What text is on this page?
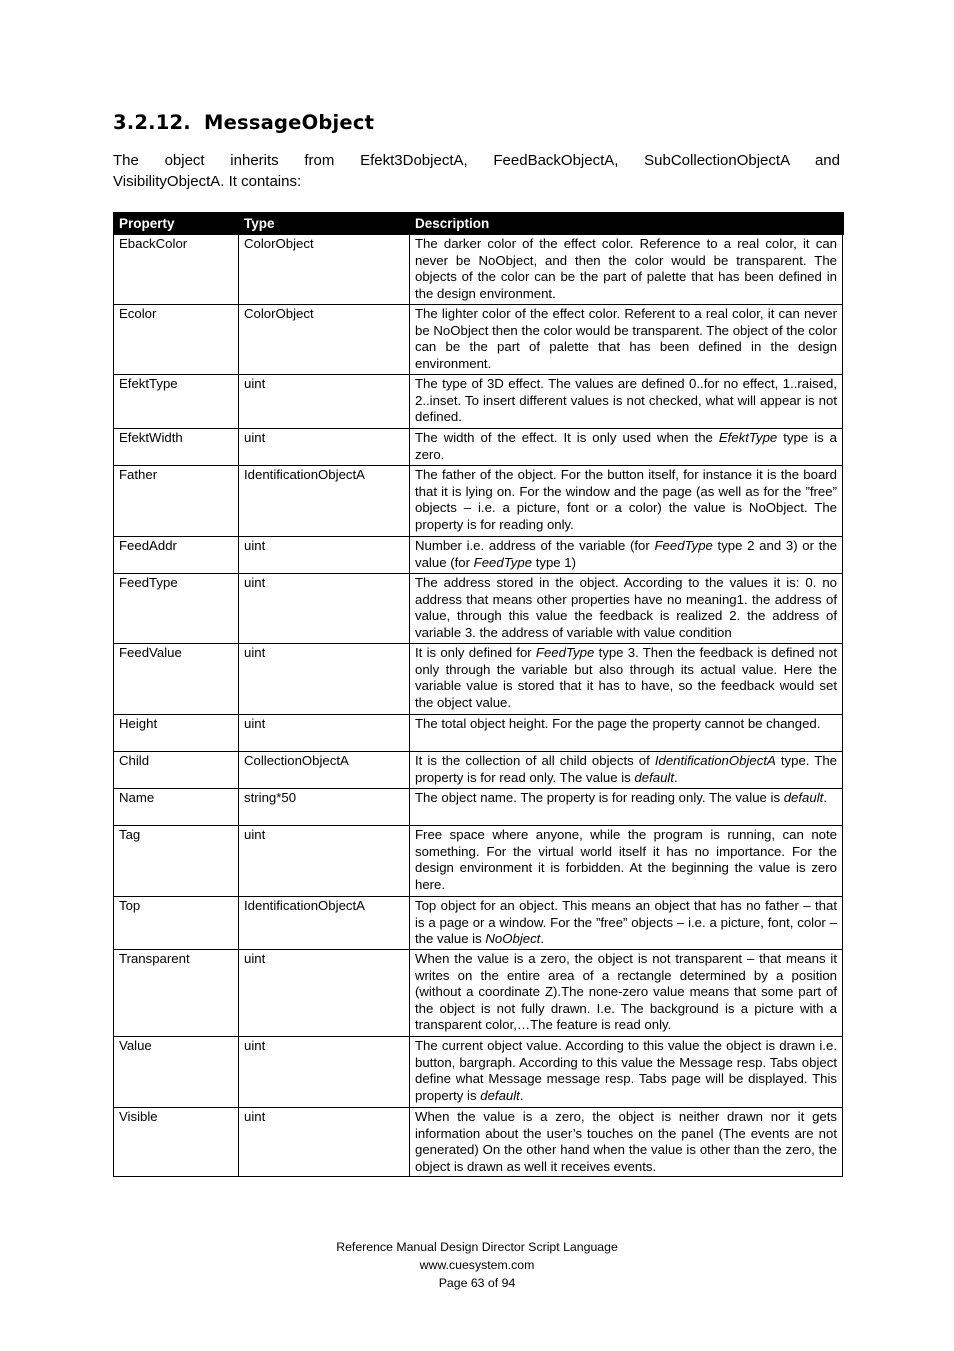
3.2.12. MessageObject

The object inherits from Efekt3DobjectA, FeedBackObjectA, SubCollectionObjectA and
VisibilityObjectA. It contains:

Property	Type	Description
EbackColor	ColorObject	The darker color of the effect color. Reference to a real color, it can never be NoObject, and then the color would be transparent. The objects of the color can be the part of palette that has been defined in the design environment.
Ecolor	ColorObject	The lighter color of the effect color. Referent to a real color, it can never be NoObject then the color would be transparent. The object of the color can be the part of palette that has been defined in the design environment.
EfektType	uint	The type of 3D effect. The values are defined 0..for no effect, 1..raised, 2..inset. To insert different values is not checked, what will appear is not defined.
EfektWidth	uint	The width of the effect. It is only used when the EfektType type is a zero.
Father	IdentificationObjectA	The father of the object. For the button itself, for instance it is the board that it is lying on. For the window and the page (as well as for the ”free” objects – i.e. a picture, font or a color) the value is NoObject. The property is for reading only.
FeedAddr	uint	Number i.e. address of the variable (for FeedType type 2 and 3) or the value (for FeedType type 1)
FeedType	uint	The address stored in the object. According to the values it is: 0. no address that means other properties have no meaning1. the address of value, through this value the feedback is realized 2. the address of variable 3. the address of variable with value condition
FeedValue	uint	It is only defined for FeedType type 3. Then the feedback is defined not only through the variable but also through its actual value. Here the variable value is stored that it has to have, so the feedback would set the object value.
Height	uint	The total object height. For the page the property cannot be changed.
Child	CollectionObjectA	It is the collection of all child objects of IdentificationObjectA type. The property is for read only. The value is default.
Name	string*50	The object name. The property is for reading only. The value is default.
Tag	uint	Free space where anyone, while the program is running, can note something. For the virtual world itself it has no importance. For the design environment it is forbidden. At the beginning the value is zero here.
Top	IdentificationObjectA	Top object for an object. This means an object that has no father – that is a page or a window. For the ”free” objects – i.e. a picture, font, color – the value is NoObject.
Transparent	uint	When the value is a zero, the object is not transparent – that means it writes on the entire area of a rectangle determined by a position (without a coordinate Z).The none-zero value means that some part of the object is not fully drawn. I.e. The background is a picture with a transparent color,…The feature is read only.
Value	uint	The current object value. According to this value the object is drawn i.e. button, bargraph. According to this value the Message resp. Tabs object define what Message message resp. Tabs page will be displayed. This property is default.
Visible	uint	When the value is a zero, the object is neither drawn nor it gets information about the user’s touches on the panel (The events are not generated) On the other hand when the value is other than the zero, the object is drawn as well it receives events.
Reference Manual Design Director Script Language
www.cuesystem.com
Page 63 of 94
